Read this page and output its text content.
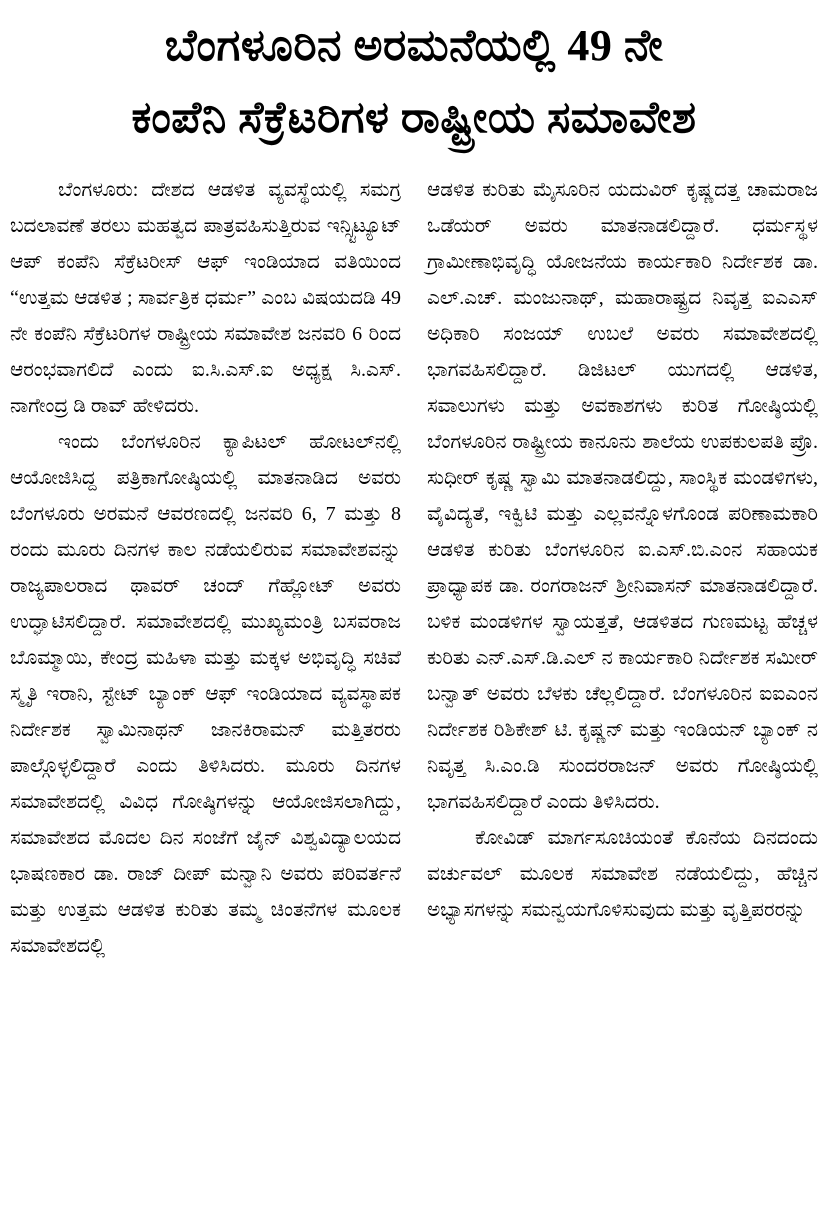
ಬೆಂಗಳೂರಿನ ಅರಮನೆಯಲ್ಲಿ 49 ನೇ
ಕಂಪೆನಿ ಸೆಕ್ರೆಟರಿಗಳ ರಾಷ್ಟ್ರೀಯ ಸಮಾವೇಶ

ಬೆಂಗಳೂರು: ದೇಶದ ಆಡಳಿತ ವ್ಯವಸ್ಥೆಯಲ್ಲಿ ಸಮಗ್ರ ಬದಲಾವಣೆ ತರಲು ಮಹತ್ವದ ಪಾತ್ರವಹಿಸುತ್ತಿರುವ ಇನ್ಸ್ಟಿಟ್ಯೂಟ್ ಆಪ್ ಕಂಪೆನಿ ಸೆಕ್ರೆಟರೀಸ್ ಆಫ್ ಇಂಡಿಯಾದ ವತಿಯಿಂದ “ಉತ್ತಮ ಆಡಳಿತ ; ಸಾರ್ವತ್ರಿಕ ಧರ್ಮ” ಎಂಬ ವಿಷಯದಡಿ 49 ನೇ ಕಂಪೆನಿ ಸೆಕ್ರೆಟರಿಗಳ ರಾಷ್ಟ್ರೀಯ ಸಮಾವೇಶ ಜನವರಿ 6 ರಿಂದ ಆರಂಭವಾಗಲಿದೆ ಎಂದು ಐ.ಸಿ.ಎಸ್.ಐ ಅಧ್ಯಕ್ಷ ಸಿ.ಎಸ್. ನಾಗೇಂದ್ರ ಡಿ ರಾವ್ ಹೇಳಿದರು.

ಇಂದು ಬೆಂಗಳೂರಿನ ಕ್ಯಾಪಿಟಲ್ ಹೋಟಲ್‌ನಲ್ಲಿ ಆಯೋಜಿಸಿದ್ದ ಪತ್ರಿಕಾಗೋಷ್ಠಿಯಲ್ಲಿ ಮಾತನಾಡಿದ ಅವರು ಬೆಂಗಳೂರು ಅರಮನೆ ಆವರಣದಲ್ಲಿ ಜನವರಿ 6, 7 ಮತ್ತು 8 ರಂದು ಮೂರು ದಿನಗಳ ಕಾಲ ನಡೆಯಲಿರುವ ಸಮಾವೇಶವನ್ನು ರಾಜ್ಯಪಾಲರಾದ ಥಾವರ್ ಚಂದ್ ಗೆಹ್ಲೋಟ್ ಅವರು ಉದ್ಘಾಟಿಸಲಿದ್ದಾರೆ. ಸಮಾವೇಶದಲ್ಲಿ ಮುಖ್ಯಮಂತ್ರಿ ಬಸವರಾಜ ಬೊಮ್ಮಾಯಿ, ಕೇಂದ್ರ ಮಹಿಳಾ ಮತ್ತು ಮಕ್ಕಳ ಅಭಿವೃದ್ಧಿ ಸಚಿವೆ ಸ್ಮೃತಿ ಇರಾನಿ, ಸ್ಟೇಟ್ ಬ್ಯಾಂಕ್ ಆಫ್ ಇಂಡಿಯಾದ ವ್ಯವಸ್ಥಾಪಕ ನಿರ್ದೇಶಕ ಸ್ವಾಮಿನಾಥನ್ ಜಾನಕಿರಾಮನ್ ಮತ್ತಿತರರು ಪಾಲ್ಗೊಳ್ಳಲಿದ್ದಾರೆ ಎಂದು ತಿಳಿಸಿದರು. ಮೂರು ದಿನಗಳ ಸಮಾವೇಶದಲ್ಲಿ ವಿವಿಧ ಗೋಷ್ಠಿಗಳನ್ನು ಆಯೋಜಿಸಲಾಗಿದ್ದು, ಸಮಾವೇಶದ ಮೊದಲ ದಿನ ಸಂಜೆಗೆ ಜೈನ್ ವಿಶ್ವವಿದ್ಯಾಲಯದ ಭಾಷಣಕಾರ ಡಾ. ರಾಜ್ ದೀಪ್ ಮನ್ವಾನಿ ಅವರು ಪರಿವರ್ತನೆ ಮತ್ತು ಉತ್ತಮ ಆಡಳಿತ ಕುರಿತು ತಮ್ಮ ಚಿಂತನೆಗಳ ಮೂಲಕ ಸಮಾವೇಶದಲ್ಲಿ

ಆಡಳಿತ ಕುರಿತು ಮೈಸೂರಿನ ಯದುವಿರ್ ಕೃಷ್ಣದತ್ತ ಚಾಮರಾಜ ಒಡೆಯರ್ ಅವರು ಮಾತನಾಡಲಿದ್ದಾರೆ. ಧರ್ಮಸ್ಥಳ ಗ್ರಾಮೀಣಾಭಿವೃದ್ಧಿ ಯೋಜನೆಯ ಕಾರ್ಯಕಾರಿ ನಿರ್ದೇಶಕ ಡಾ. ಎಲ್.ಎಚ್. ಮಂಜುನಾಥ್, ಮಹಾರಾಷ್ಟ್ರದ ನಿವೃತ್ತ ಐಎಎಸ್ ಅಧಿಕಾರಿ ಸಂಜಯ್ ಉಬಲೆ ಅವರು ಸಮಾವೇಶದಲ್ಲಿ ಭಾಗವಹಿಸಲಿದ್ದಾರೆ. ಡಿಜಿಟಲ್ ಯುಗದಲ್ಲಿ ಆಡಳಿತ, ಸವಾಲುಗಳು ಮತ್ತು ಅವಕಾಶಗಳು ಕುರಿತ ಗೋಷ್ಠಿಯಲ್ಲಿ ಬೆಂಗಳೂರಿನ ರಾಷ್ಟ್ರೀಯ ಕಾನೂನು ಶಾಲೆಯ ಉಪಕುಲಪತಿ ಪ್ರೊ. ಸುಧೀರ್ ಕೃಷ್ಣ ಸ್ವಾಮಿ ಮಾತನಾಡಲಿದ್ದು, ಸಾಂಸ್ಥಿಕ ಮಂಡಳಿಗಳು, ವೈವಿದ್ಯತೆ, ಇಕ್ವಿಟಿ ಮತ್ತು ಎಲ್ಲವನ್ನೊಳಗೊಂಡ ಪರಿಣಾಮಕಾರಿ ಆಡಳಿತ ಕುರಿತು ಬೆಂಗಳೂರಿನ ಐ.ಎಸ್.ಬಿ.ಎಂನ ಸಹಾಯಕ ಪ್ರಾಧ್ಯಾಪಕ ಡಾ. ರಂಗರಾಜನ್ ಶ್ರೀನಿವಾಸನ್ ಮಾತನಾಡಲಿದ್ದಾರೆ. ಬಳಿಕ ಮಂಡಳಿಗಳ ಸ್ವಾಯತ್ತತೆ, ಆಡಳಿತದ ಗುಣಮಟ್ಟ ಹೆಚ್ಚಳ ಕುರಿತು ಎನ್.ಎಸ್.ಡಿ.ಎಲ್ ನ ಕಾರ್ಯಕಾರಿ ನಿರ್ದೇಶಕ ಸಮೀರ್ ಬನ್ವಾತ್ ಅವರು ಬೆಳಕು ಚೆಲ್ಲಲಿದ್ದಾರೆ. ಬೆಂಗಳೂರಿನ ಐಐಎಂನ ನಿರ್ದೇಶಕ ರಿಶಿಕೇಶ್ ಟಿ. ಕೃಷ್ಣನ್ ಮತ್ತು ಇಂಡಿಯನ್ ಬ್ಯಾಂಕ್ ನ ನಿವೃತ್ತ ಸಿ.ಎಂ.ಡಿ ಸುಂದರರಾಜನ್ ಅವರು ಗೋಷ್ಠಿಯಲ್ಲಿ ಭಾಗವಹಿಸಲಿದ್ದಾರೆ ಎಂದು ತಿಳಿಸಿದರು.

ಕೋವಿಡ್ ಮಾರ್ಗಸೂಚಿಯಂತೆ ಕೊನೆಯ ದಿನದಂದು ವರ್ಚುವಲ್ ಮೂಲಕ ಸಮಾವೇಶ ನಡೆಯಲಿದ್ದು, ಹೆಚ್ಚಿನ ಅಭ್ಯಾಸಗಳನ್ನು ಸಮನ್ವಯಗೊಳಿಸುವುದು ಮತ್ತು ವೃತ್ತಿಪರರನ್ನು
